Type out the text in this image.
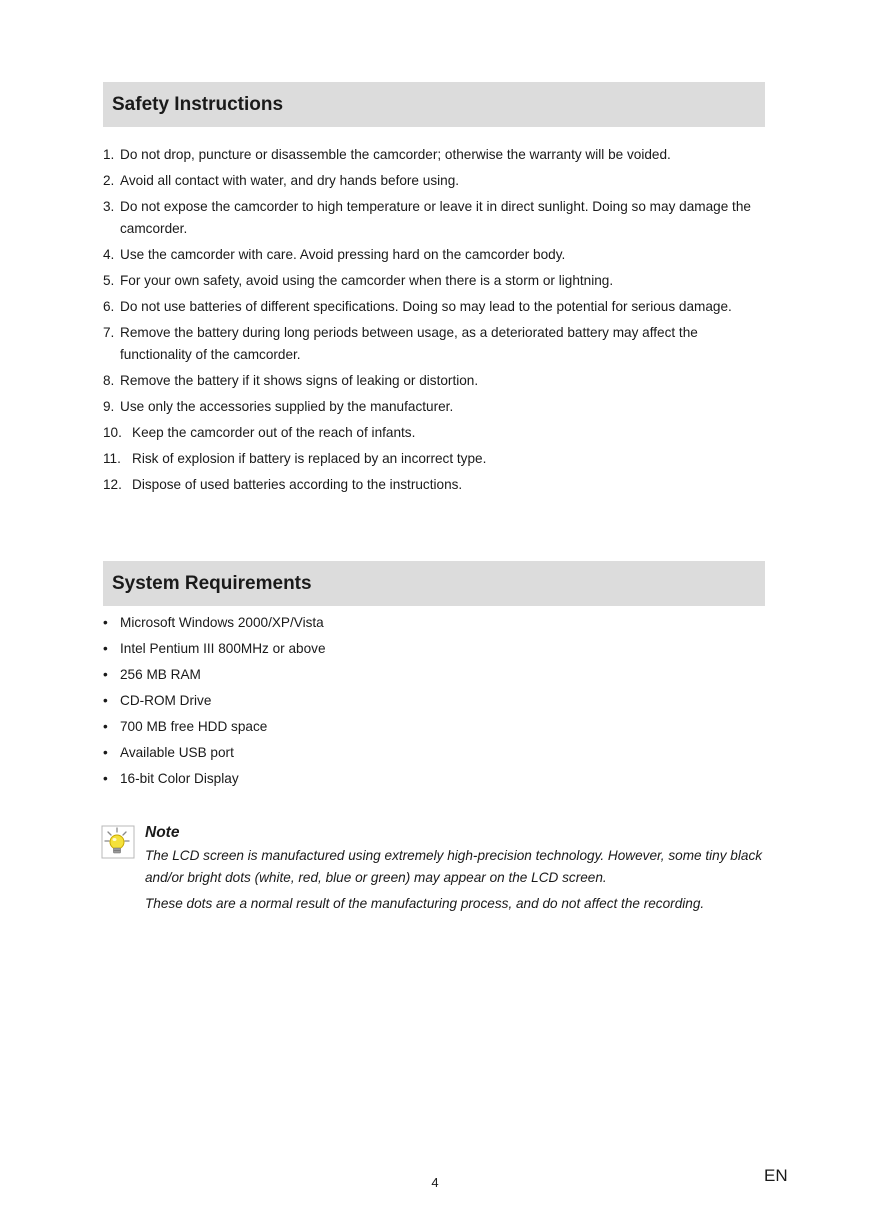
Safety Instructions
1. Do not drop, puncture or disassemble the camcorder; otherwise the warranty will be voided.
2. Avoid all contact with water, and dry hands before using.
3. Do not expose the camcorder to high temperature or leave it in direct sunlight. Doing so may damage the camcorder.
4. Use the camcorder with care. Avoid pressing hard on the camcorder body.
5. For your own safety, avoid using the camcorder when there is a storm or lightning.
6. Do not use batteries of different specifications. Doing so may lead to the potential for serious damage.
7. Remove the battery during long periods between usage, as a deteriorated battery may affect the functionality of the camcorder.
8. Remove the battery if it shows signs of leaking or distortion.
9. Use only the accessories supplied by the manufacturer.
10. Keep the camcorder out of the reach of infants.
11. Risk of explosion if battery is replaced by an incorrect type.
12. Dispose of used batteries according to the instructions.
System Requirements
• Microsoft Windows 2000/XP/Vista
• Intel Pentium III 800MHz or above
• 256 MB RAM
• CD-ROM Drive
• 700 MB free HDD space
• Available USB port
• 16-bit Color Display
Note

The LCD screen is manufactured using extremely high-precision technology. However, some tiny black and/or bright dots (white, red, blue or green) may appear on the LCD screen.

These dots are a normal result of the manufacturing process, and do not affect the recording.

4	EN
